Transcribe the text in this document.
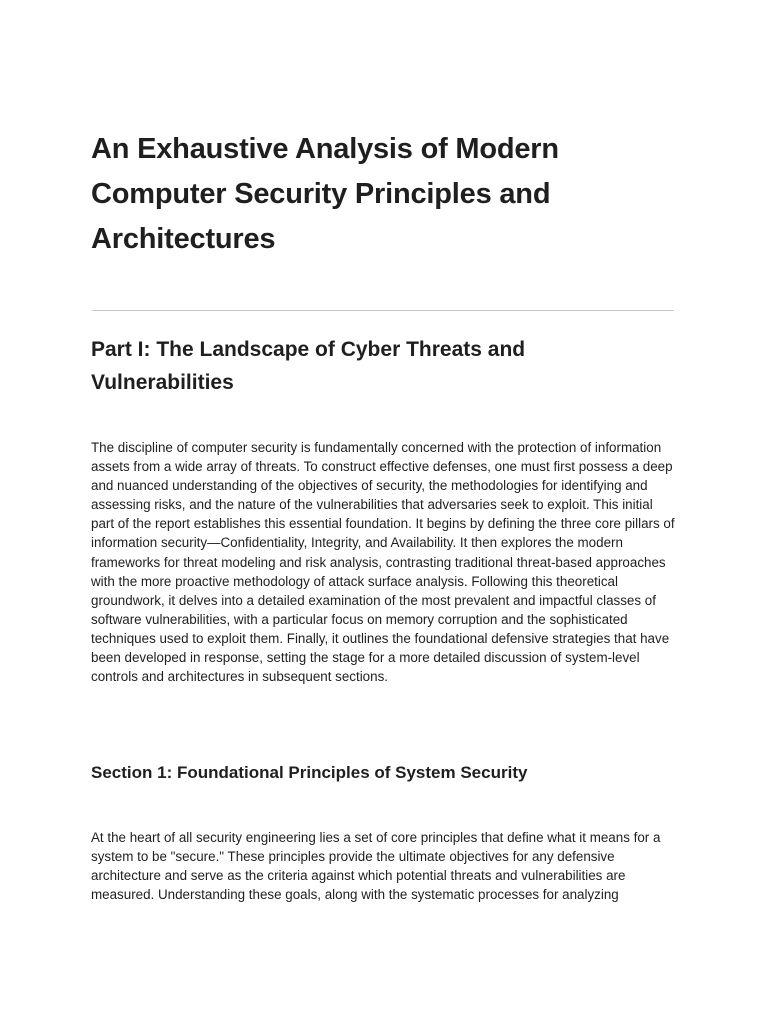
An Exhaustive Analysis of Modern Computer Security Principles and Architectures
Part I: The Landscape of Cyber Threats and Vulnerabilities

The discipline of computer security is fundamentally concerned with the protection of information assets from a wide array of threats. To construct effective defenses, one must first possess a deep and nuanced understanding of the objectives of security, the methodologies for identifying and assessing risks, and the nature of the vulnerabilities that adversaries seek to exploit. This initial part of the report establishes this essential foundation. It begins by defining the three core pillars of information security—Confidentiality, Integrity, and Availability. It then explores the modern frameworks for threat modeling and risk analysis, contrasting traditional threat-based approaches with the more proactive methodology of attack surface analysis. Following this theoretical groundwork, it delves into a detailed examination of the most prevalent and impactful classes of software vulnerabilities, with a particular focus on memory corruption and the sophisticated techniques used to exploit them. Finally, it outlines the foundational defensive strategies that have been developed in response, setting the stage for a more detailed discussion of system-level controls and architectures in subsequent sections.

Section 1: Foundational Principles of System Security

At the heart of all security engineering lies a set of core principles that define what it means for a system to be "secure." These principles provide the ultimate objectives for any defensive architecture and serve as the criteria against which potential threats and vulnerabilities are measured. Understanding these goals, along with the systematic processes for analyzing
